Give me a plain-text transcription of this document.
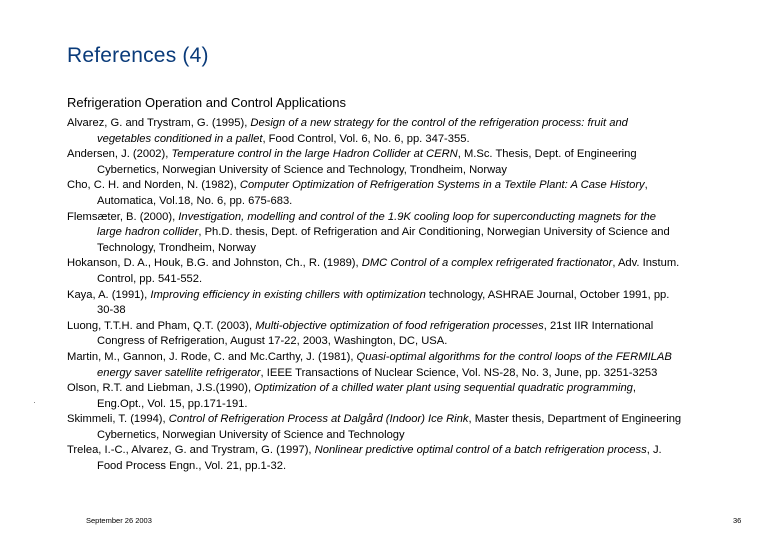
References (4)
Refrigeration Operation and Control Applications

Alvarez, G. and Trystram, G. (1995), Design of a new strategy for the control of the refrigeration process: fruit and vegetables conditioned in a pallet, Food Control, Vol. 6, No. 6, pp. 347-355.

Andersen, J. (2002), Temperature control in the large Hadron Collider at CERN, M.Sc. Thesis, Dept. of Engineering Cybernetics, Norwegian University of Science and Technology, Trondheim, Norway

Cho, C. H. and Norden, N. (1982), Computer Optimization of Refrigeration Systems in a Textile Plant: A Case History, Automatica, Vol.18, No. 6, pp. 675-683.

Flemsæter, B. (2000), Investigation, modelling and control of the 1.9K cooling loop for superconducting magnets for the large hadron collider, Ph.D. thesis, Dept. of Refrigeration and Air Conditioning, Norwegian University of Science and Technology, Trondheim, Norway

Hokanson, D. A., Houk, B.G. and Johnston, Ch., R. (1989), DMC Control of a complex refrigerated fractionator, Adv. Instum. Control, pp. 541-552.

Kaya, A. (1991), Improving efficiency in existing chillers with optimization technology, ASHRAE Journal, October 1991, pp. 30-38

Luong, T.T.H. and Pham, Q.T. (2003), Multi-objective optimization of food refrigeration processes, 21st IIR International Congress of Refrigeration, August 17-22, 2003, Washington, DC, USA.

Martin, M., Gannon, J. Rode, C. and Mc.Carthy, J. (1981), Quasi-optimal algorithms for the control loops of the FERMILAB energy saver satellite refrigerator, IEEE Transactions of Nuclear Science, Vol. NS-28, No. 3, June, pp. 3251-3253

Olson, R.T. and Liebman, J.S.(1990), Optimization of a chilled water plant using sequential quadratic programming, Eng.Opt., Vol. 15, pp.171-191.

Skimmeli, T. (1994), Control of Refrigeration Process at Dalgård (Indoor) Ice Rink, Master thesis, Department of Engineering Cybernetics, Norwegian University of Science and Technology

Trelea, I.-C., Alvarez, G. and Trystram, G. (1997), Nonlinear predictive optimal control of a batch refrigeration process, J. Food Process Engn., Vol. 21, pp.1-32.

September 26 2003	36
